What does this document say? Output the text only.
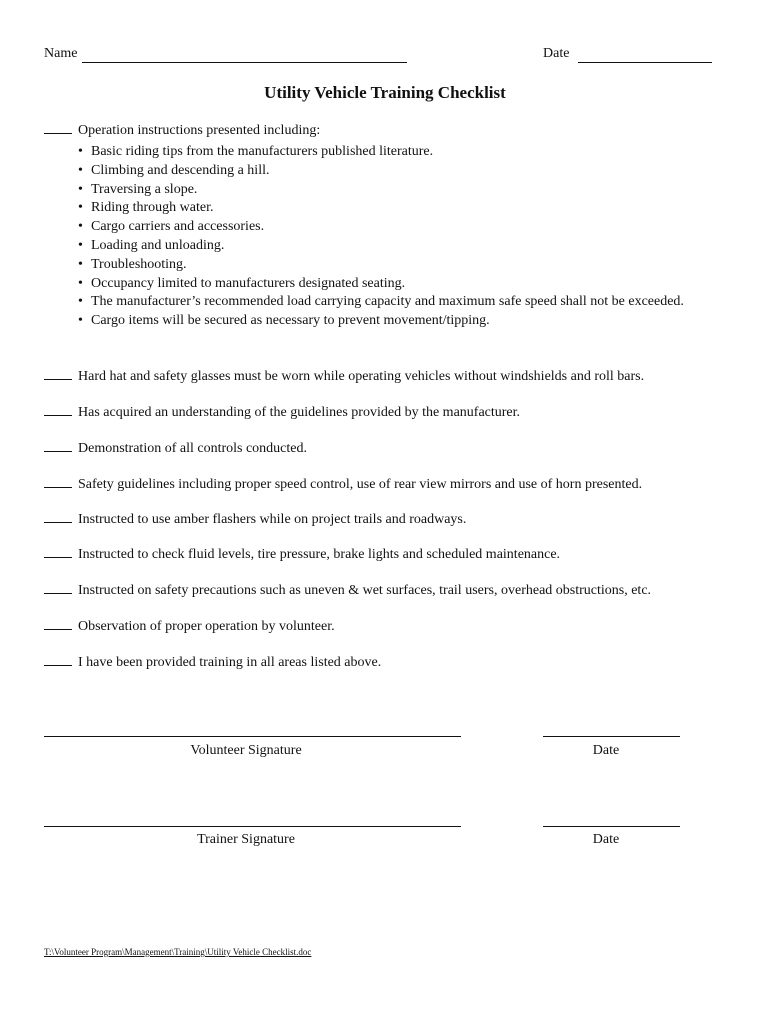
Name	Date
Utility Vehicle Training Checklist
Operation instructions presented including:
• Basic riding tips from the manufacturers published literature.
• Climbing and descending a hill.
• Traversing a slope.
• Riding through water.
• Cargo carriers and accessories.
• Loading and unloading.
• Troubleshooting.
• Occupancy limited to manufacturers designated seating.
• The manufacturer’s recommended load carrying capacity and maximum safe speed shall not be exceeded.
• Cargo items will be secured as necessary to prevent movement/tipping.
Hard hat and safety glasses must be worn while operating vehicles without windshields and roll bars.
Has acquired an understanding of the guidelines provided by the manufacturer.
Demonstration of all controls conducted.
Safety guidelines including proper speed control, use of rear view mirrors and use of horn presented.
Instructed to use amber flashers while on project trails and roadways.
Instructed to check fluid levels, tire pressure, brake lights and scheduled maintenance.
Instructed on safety precautions such as uneven & wet surfaces, trail users, overhead obstructions, etc.
Observation of proper operation by volunteer.
I have been provided training in all areas listed above.
Volunteer Signature	Date
Trainer Signature	Date
T:\Volunteer Program\Management\Training\Utility Vehicle Checklist.doc
